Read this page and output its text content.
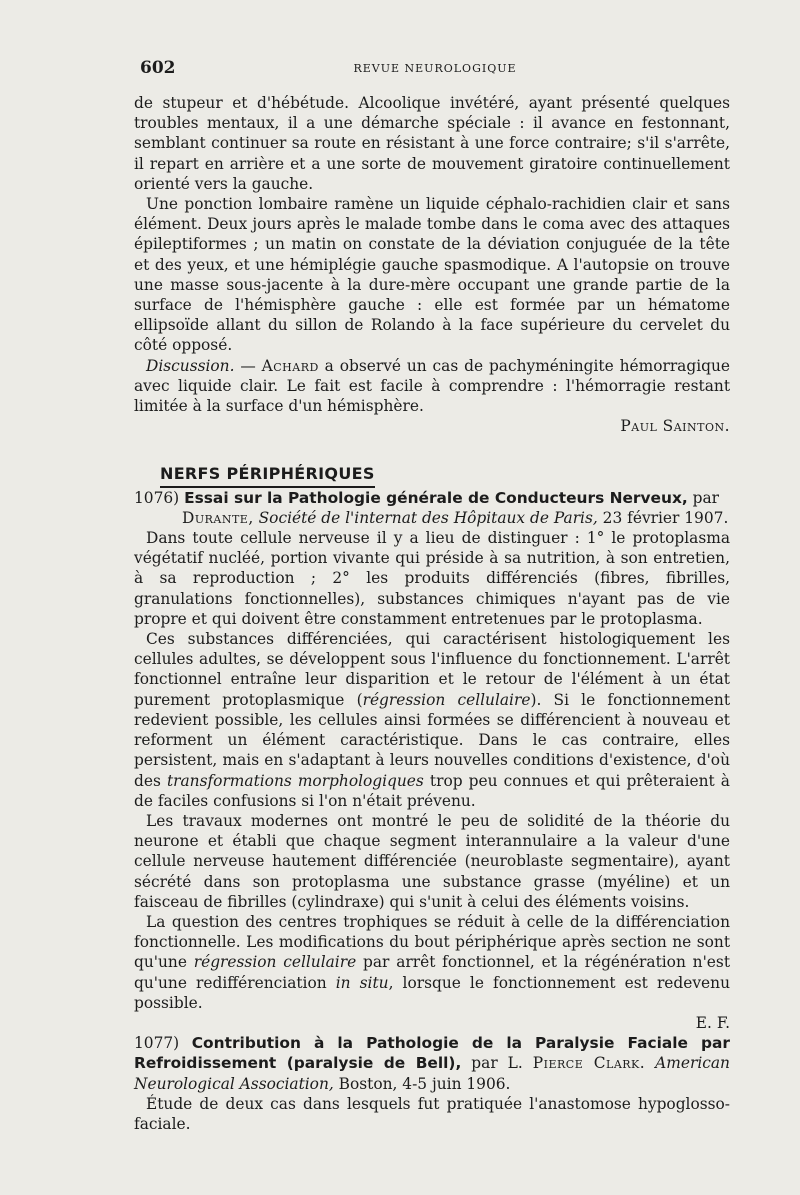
602	REVUE NEUROLOGIQUE

de stupeur et d'hébétude. Alcoolique invétéré, ayant présenté quelques troubles mentaux, il a une démarche spéciale : il avance en festonnant, semblant continuer sa route en résistant à une force contraire; s'il s'arrête, il repart en arrière et a une sorte de mouvement giratoire continuellement orienté vers la gauche.

Une ponction lombaire ramène un liquide céphalo-rachidien clair et sans élément. Deux jours après le malade tombe dans le coma avec des attaques épileptiformes ; un matin on constate de la déviation conjuguée de la tête et des yeux, et une hémiplégie gauche spasmodique. A l'autopsie on trouve une masse sous-jacente à la dure-mère occupant une grande partie de la surface de l'hémisphère gauche : elle est formée par un hématome ellipsoïde allant du sillon de Rolando à la face supérieure du cervelet du côté opposé.

Discussion. — Achard a observé un cas de pachyméningite hémorragique avec liquide clair. Le fait est facile à comprendre : l'hémorragie restant limitée à la surface d'un hémisphère.

Paul Sainton.

NERFS PÉRIPHÉRIQUES

1076) Essai sur la Pathologie générale de Conducteurs Nerveux, par

Durante, Société de l'internat des Hôpitaux de Paris, 23 février 1907.

Dans toute cellule nerveuse il y a lieu de distinguer : 1° le protoplasma végétatif nucléé, portion vivante qui préside à sa nutrition, à son entretien, à sa reproduction ; 2° les produits différenciés (fibres, fibrilles, granulations fonctionnelles), substances chimiques n'ayant pas de vie propre et qui doivent être constamment entretenues par le protoplasma.

Ces substances différenciées, qui caractérisent histologiquement les cellules adultes, se développent sous l'influence du fonctionnement. L'arrêt fonctionnel entraîne leur disparition et le retour de l'élément à un état purement protoplasmique (régression cellulaire). Si le fonctionnement redevient possible, les cellules ainsi formées se différencient à nouveau et reforment un élément caractéristique. Dans le cas contraire, elles persistent, mais en s'adaptant à leurs nouvelles conditions d'existence, d'où des transformations morphologiques trop peu connues et qui prêteraient à de faciles confusions si l'on n'était prévenu.

Les travaux modernes ont montré le peu de solidité de la théorie du neurone et établi que chaque segment interannulaire a la valeur d'une cellule nerveuse hautement différenciée (neuroblaste segmentaire), ayant sécrété dans son protoplasma une substance grasse (myéline) et un faisceau de fibrilles (cylindraxe) qui s'unit à celui des éléments voisins.

La question des centres trophiques se réduit à celle de la différenciation fonctionnelle. Les modifications du bout périphérique après section ne sont qu'une régression cellulaire par arrêt fonctionnel, et la régénération n'est qu'une redifférenciation in situ, lorsque le fonctionnement est redevenu possible.

E. F.

1077) Contribution à la Pathologie de la Paralysie Faciale par Refroidissement (paralysie de Bell), par L. Pierce Clark. American Neurological Association, Boston, 4-5 juin 1906.

Étude de deux cas dans lesquels fut pratiquée l'anastomose hypoglosso-faciale.
